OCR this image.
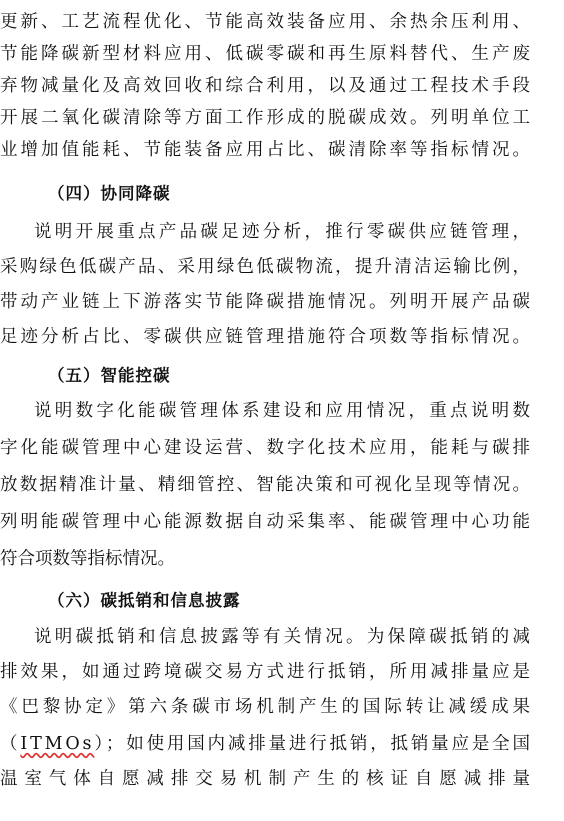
更新、工艺流程优化、节能高效装备应用、余热余压利用、
节能降碳新型材料应用、低碳零碳和再生原料替代、生产废
弃物减量化及高效回收和综合利用，以及通过工程技术手段
开展二氧化碳清除等方面工作形成的脱碳成效。列明单位工
业增加值能耗、节能装备应用占比、碳清除率等指标情况。
（四）协同降碳
说明开展重点产品碳足迹分析，推行零碳供应链管理，
采购绿色低碳产品、采用绿色低碳物流，提升清洁运输比例，
带动产业链上下游落实节能降碳措施情况。列明开展产品碳
足迹分析占比、零碳供应链管理措施符合项数等指标情况。
（五）智能控碳
说明数字化能碳管理体系建设和应用情况，重点说明数
字化能碳管理中心建设运营、数字化技术应用，能耗与碳排
放数据精准计量、精细管控、智能决策和可视化呈现等情况。
列明能碳管理中心能源数据自动采集率、能碳管理中心功能
符合项数等指标情况。
（六）碳抵销和信息披露
说明碳抵销和信息披露等有关情况。为保障碳抵销的减
排效果，如通过跨境碳交易方式进行抵销，所用减排量应是
《巴黎协定》第六条碳市场机制产生的国际转让减缓成果
（ITMOs）；如使用国内减排量进行抵销，抵销量应是全国
温室气体自愿减排交易机制产生的核证自愿减排量
